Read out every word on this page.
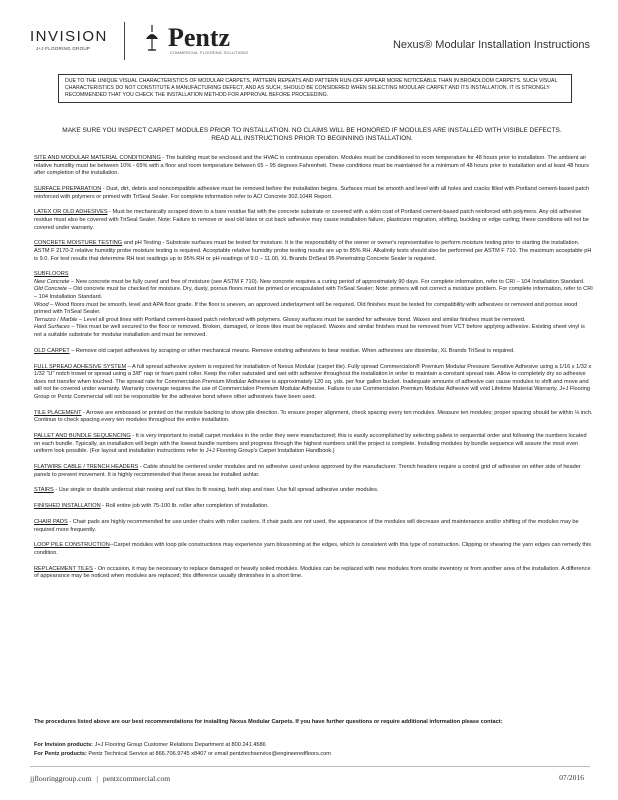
INVISION
J+J FLOORING GROUP	Pentz
COMMERCIAL FLOORING SOLUTIONS
Nexus® Modular Installation Instructions
DUE TO THE UNIQUE VISUAL CHARACTERISTICS OF MODULAR CARPETS, PATTERN REPEATS AND PATTERN RUN-OFF APPEAR MORE NOTICEABLE THAN IN BROADLOOM CARPETS. SUCH VISUAL CHARACTERISTICS DO NOT CONSTITUTE A MANUFACTURING DEFECT, AND AS SUCH, SHOULD BE CONSIDERED WHEN SELECTING MODULAR CARPET AND ITS INSTALLATION. IT IS STRONGLY RECOMMENDED THAT YOU CHECK THE INSTALLATION METHOD FOR APPROVAL BEFORE PROCEEDING.
MAKE SURE YOU INSPECT CARPET MODULES PRIOR TO INSTALLATION. NO CLAIMS WILL BE HONORED IF MODULES ARE INSTALLED WITH VISIBLE DEFECTS.
READ ALL INSTRUCTIONS PRIOR TO BEGINNING INSTALLATION.

SITE AND MODULAR MATERIAL CONDITIONING - The building must be enclosed and the HVAC in continuous operation. Modules must be conditioned to room temperature for 48 hours prior to installation. The ambient air relative humidity must be between 10% - 65% with a floor and room temperature between 65 – 95 degrees Fahrenheit. These conditions must be maintained for a minimum of 48 hours prior to installation and at least 48 hours after completion of the installation.

SURFACE PREPARATION - Dust, dirt, debris and noncompatible adhesive must be removed before the installation begins. Surfaces must be smooth and level with all holes and cracks filled with Portland cement-based patch reinforced with polymers or primed with TriSeal Sealer. For complete information refer to ACI Concrete 302.104R Report.

LATEX OR OLD ADHESIVES - Must be mechanically scraped down to a bare residue flat with the concrete substrate or covered with a skim coat of Portland cement-based patch reinforced with polymers. Any old adhesive residue must also be covered with TriSeal Sealer. Note: Failure to remove or seal old latex or cut back adhesive may cause installation failure, plasticizer migration, shifting, buckling or edge curling; these conditions will not be covered under warranty.

CONCRETE MOISTURE TESTING and pH Testing - Substrate surfaces must be tested for moisture. It is the responsibility of the owner or owner's representative to perform moisture testing prior to starting the installation. ASTM F 2170-2 relative humidity probe moisture testing is required. Acceptable relative humidity probe testing results are up to 85% RH. Alkalinity tests should also be performed per ASTM F 710. The maximum acceptable pH is 9.0. For test results that determine RH test readings up to 95% RH or pH readings of 9.0 – 11.00, XL Brands DriSeal 95 Penetrating Concrete Sealer is required.

SUBFLOORS
New Concrete – New concrete must be fully cured and free of moisture (see ASTM F 710). New concrete requires a curing period of approximately 90 days. For complete information, refer to CRI – 104 Installation Standard.
Old Concrete – Old concrete must be checked for moisture. Dry, dusty, porous floors must be primed or encapsulated with TriSeal Sealer; Note: primers will not correct a moisture problem. For complete information, refer to CRI – 104 Installation Standard.
Wood – Wood floors must be smooth, level and APA floor grade. If the floor is uneven, an approved underlayment will be required. Old finishes must be tested for compatibility with adhesives or removed and porous wood primed with TriSeal Sealer.
Terrazzo / Marble – Level all grout lines with Portland cement-based patch reinforced with polymers. Glossy surfaces must be sanded for adhesive bond. Waxes and similar finishes must be removed.
Hard Surfaces – Tiles must be well secured to the floor or removed. Broken, damaged, or loose tiles must be replaced. Waxes and similar finishes must be removed from VCT before applying adhesive. Existing sheet vinyl is not a suitable substrate for modular installation and must be removed.

OLD CARPET – Remove old carpet adhesives by scraping or other mechanical means. Remove existing adhesives to bear residue. When adhesives are dissimilar, XL Brands TriSeal is required.

FULL SPREAD ADHESIVE SYSTEM – A full spread adhesive system is required for installation of Nexus Modular (carpet tile). Fully spread Commercialon® Premium Modular Pressure Sensitive Adhesive using a 1/16 x 1/32 x 1/32 "U" notch trowel or spread using a 3/8" nap or foam paint roller. Keep the roller saturated and wet with adhesive throughout the installation in order to maintain a constant spread rate. Allow to completely dry so adhesive does not transfer when touched. The spread rate for Commercialon Premium Modular Adhesive is approximately 120 sq. yds. per four gallon bucket. Inadequate amounts of adhesive can cause modules to shift and move and will not be covered under warranty. Warranty coverage requires the use of Commercialon Premium Modular Adhesive. Failure to use Commercialon Premium Modular Adhesive will void Lifetime Material Warranty. J+J Flooring Group or Pentz Commercial will not be responsible for the adhesive bond where other adhesives have been used.

TILE PLACEMENT - Arrows are embossed or printed on the module backing to show pile direction. To ensure proper alignment, check spacing every ten modules. Measure ten modules; proper spacing should be within ⅛ inch. Continue to check spacing every ten modules throughout the entire installation.

PALLET AND BUNDLE SEQUENCING - It is very important to install carpet modules in the order they were manufactured; this is easily accomplished by selecting pallets in sequential order and following the numbers located on each bundle. Typically, an installation will begin with the lowest bundle numbers and progress through the highest numbers until the project is complete. Installing modules by bundle sequence will assure the most even uniform look possible. (For layout and installation instructions refer to J+J Flooring Group's Carpet Installation Handbook.)

FLATWIRE CABLE / TRENCH HEADERS - Cable should be centered under modules and no adhesive used unless approved by the manufacturer. Trench headers require a control grid of adhesive on either side of header panels to prevent movement. It is highly recommended that these areas be installed ashlar.

STAIRS - Use single or double undercut stair nosing and cut tiles to fit nosing, both step and riser. Use full spread adhesive under modules.

FINISHED INSTALLATION - Roll entire job with 75-100 lb. roller after completion of installation.

CHAIR PADS - Chair pads are highly recommended for use under chairs with roller casters. If chair pads are not used, the appearance of the modules will decrease and maintenance and/or shifting of the modules may be required more frequently.

LOOP PILE CONSTRUCTION--Carpet modules with loop pile constructions may experience yarn blossoming at the edges, which is consistent with this type of construction. Clipping or shearing the yarn edges can remedy this condition.

REPLACEMENT TILES - On occasion, it may be necessary to replace damaged or heavily soiled modules. Modules can be replaced with new modules from onsite inventory or from another area of the installation. A difference of appearance may be noticed when modules are replaced; this difference usually diminishes in a short time.

The procedures listed above are our best recommendations for installing Nexus Modular Carpets. If you have further questions or require additional information please contact:
For Invision products: J+J Flooring Group Customer Relations Department at 800.241.4586
For Pentz products: Pentz Technical Service at 866.706.9745 x8407 or email pentztechservice@engineeredfloors.com
jjflooringgroup.com | pentzcommercial.com	07/2016
